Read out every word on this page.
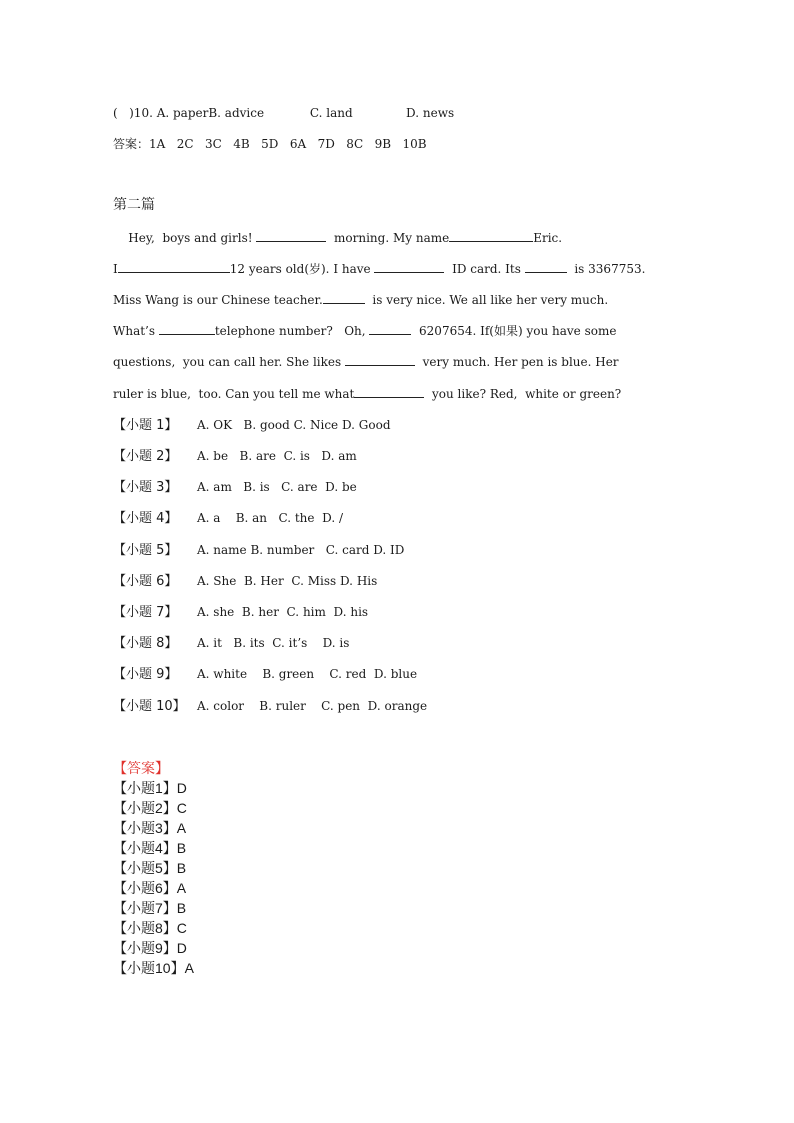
(   )10. A. paperB. advice            C. land              D. news
答案：1A   2C   3C   4B   5D   6A   7D   8C   9B   10B
第二篇
Hey,  boys and girls!	morning. My name	Eric.
I	12 years old(岁). I have	ID card. Its	is 3367753.
Miss Wang is our Chinese teacher.	is very nice. We all like her very much.
What’s	telephone number?   Oh,	6207654. If(如果) you have some
questions,  you can call her. She likes	very much. Her pen is blue. Her
ruler is blue,  too. Can you tell me what	you like? Red,  white or green?
【小题 1】 A. OK   B. good C. Nice D. Good
【小题 2】 A. be   B. are  C. is   D. am
【小题 3】 A. am   B. is   C. are  D. be
【小题 4】 A. a    B. an   C. the  D. /
【小题 5】 A. name B. number   C. card D. ID
【小题 6】 A. She  B. Her  C. Miss D. His
【小题 7】 A. she  B. her  C. him  D. his
【小题 8】 A. it   B. its  C. it’s    D. is
【小题 9】 A. white    B. green    C. red  D. blue
【小题 10】 A. color    B. ruler    C. pen  D. orange
【答案】
【小题1】D
【小题2】C
【小题3】A
【小题4】B
【小题5】B
【小题6】A
【小题7】B
【小题8】C
【小题9】D
【小题10】A
